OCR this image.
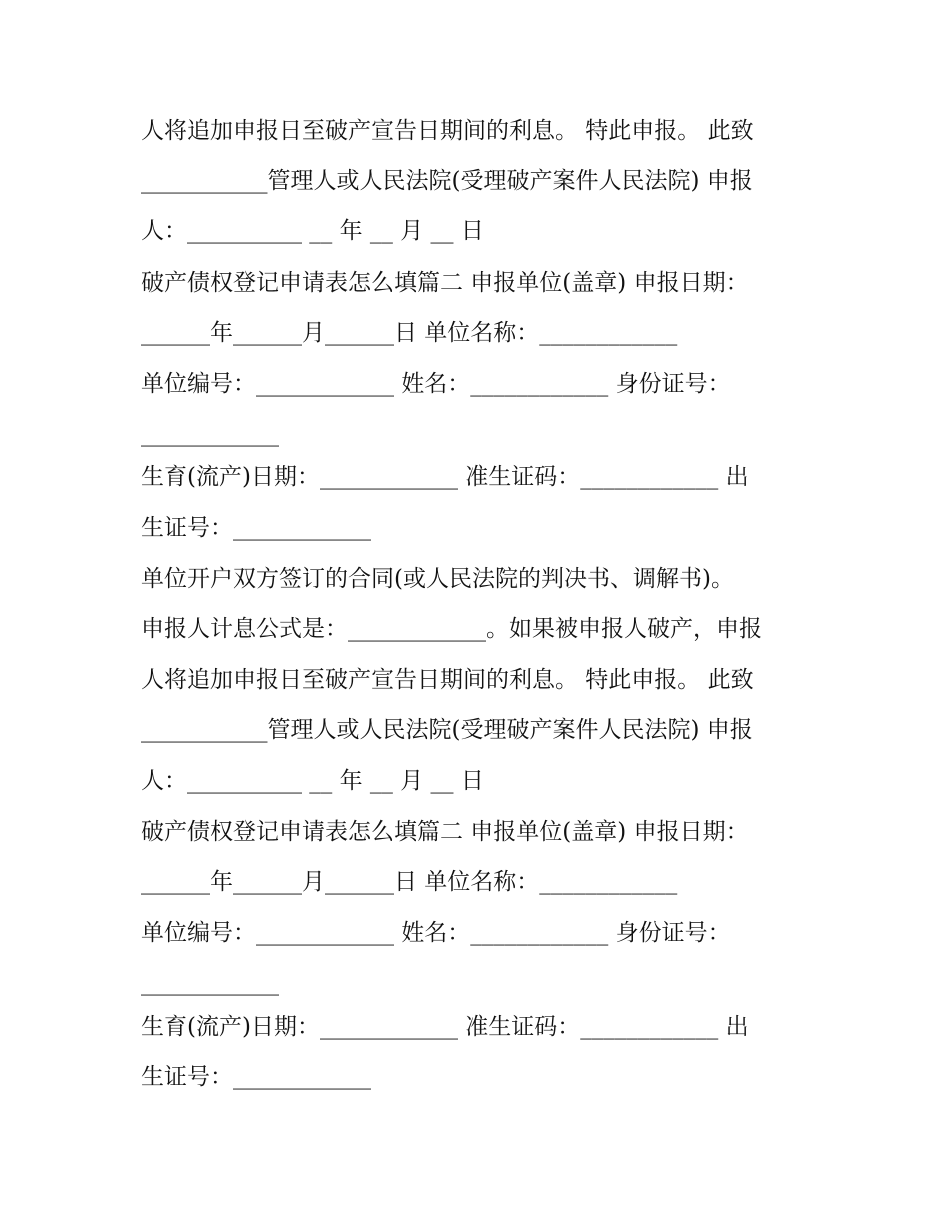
人将追加申报日至破产宣告日期间的利息。 特此申报。 此致
___________管理人或人民法院(受理破产案件人民法院) 申报
人：__________ __ 年 __ 月 __ 日
破产债权登记申请表怎么填篇二 申报单位(盖章) 申报日期：
______年______月______日 单位名称：____________
单位编号：____________ 姓名：____________ 身份证号：
____________
生育(流产)日期：____________ 准生证码：____________ 出
生证号：____________
单位开户双方签订的合同(或人民法院的判决书、调解书)。
申报人计息公式是：____________。如果被申报人破产，申报
人将追加申报日至破产宣告日期间的利息。 特此申报。 此致
___________管理人或人民法院(受理破产案件人民法院) 申报
人：__________ __ 年 __ 月 __ 日
破产债权登记申请表怎么填篇二 申报单位(盖章) 申报日期：
______年______月______日 单位名称：____________
单位编号：____________ 姓名：____________ 身份证号：
____________
生育(流产)日期：____________ 准生证码：____________ 出
生证号：____________
